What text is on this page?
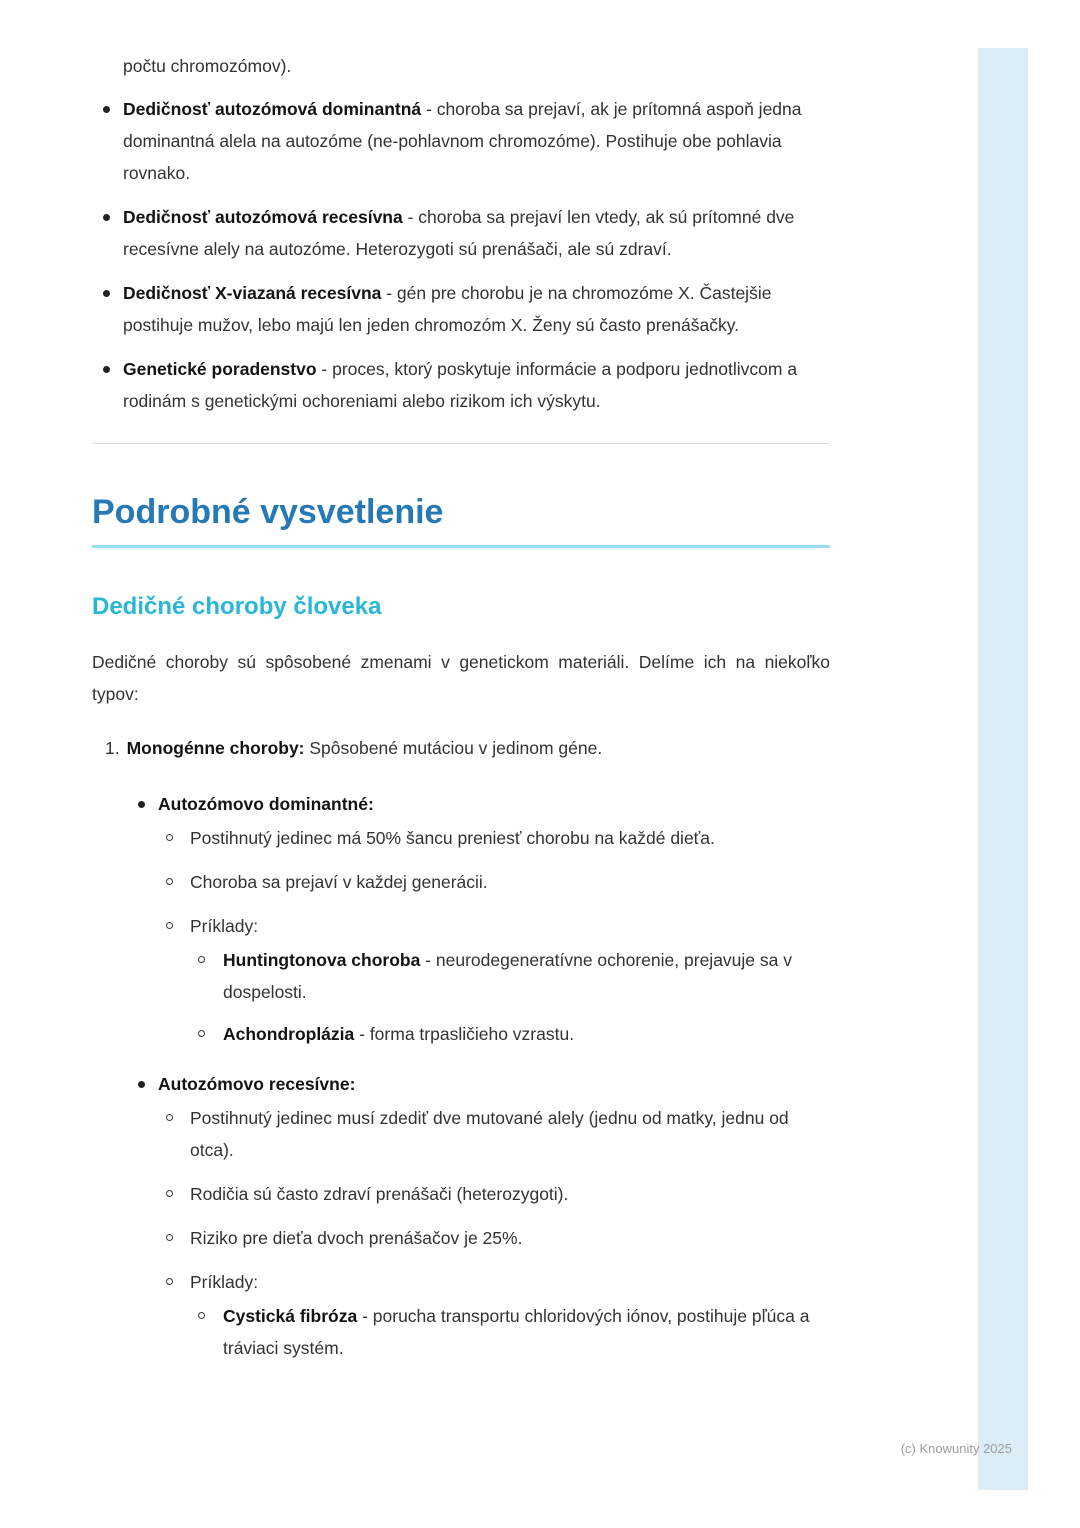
počtu chromozómov).

Dedičnosť autozómová dominantná - choroba sa prejaví, ak je prítomná aspoň jedna dominantná alela na autozóme (ne-pohlavnom chromozóme). Postihuje obe pohlavia rovnako.
Dedičnosť autozómová recesívna - choroba sa prejaví len vtedy, ak sú prítomné dve recesívne alely na autozóme. Heterozygoti sú prenášači, ale sú zdraví.
Dedičnosť X-viazaná recesívna - gén pre chorobu je na chromozóme X. Častejšie postihuje mužov, lebo majú len jeden chromozóm X. Ženy sú často prenášačky.
Genetické poradenstvo - proces, ktorý poskytuje informácie a podporu jednotlivcom a rodinám s genetickými ochoreniami alebo rizikom ich výskytu.
Podrobné vysvetlenie
Dedičné choroby človeka

Dedičné choroby sú spôsobené zmenami v genetickom materiáli. Delíme ich na niekoľko typov:

1. Monogénne choroby: Spôsobené mutáciou v jedinom géne.

Autozómovo dominantné:

Postihnutý jedinec má 50% šancu preniesť chorobu na každé dieťa.
Choroba sa prejaví v každej generácii.
Príklady:
Huntingtonova choroba - neurodegeneratívne ochorenie, prejavuje sa v dospelosti.
Achondroplázia - forma trpasličieho vzrastu.

Autozómovo recesívne:

Postihnutý jedinec musí zdediť dve mutované alely (jednu od matky, jednu od otca).
Rodičia sú často zdraví prenášači (heterozygoti).
Riziko pre dieťa dvoch prenášačov je 25%.
Príklady:
Cystická fibróza - porucha transportu chloridových iónov, postihuje pľúca a tráviaci systém.
(c) Knowunity 2025
